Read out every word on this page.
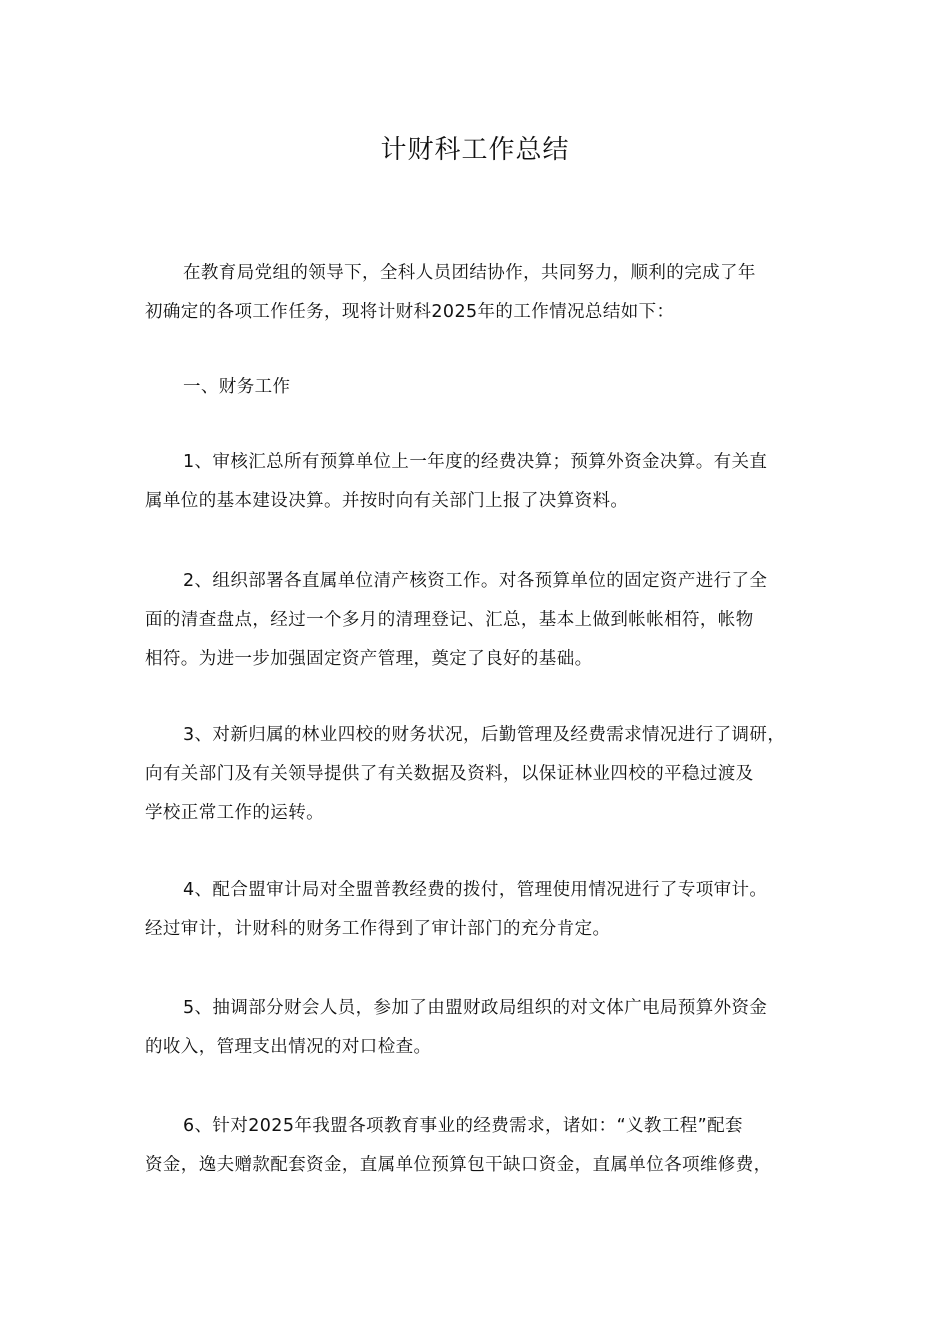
计财科工作总结
在教育局党组的领导下，全科人员团结协作，共同努力，顺利的完成了年
初确定的各项工作任务，现将计财科2025年的工作情况总结如下：
一、财务工作
1、审核汇总所有预算单位上一年度的经费决算；预算外资金决算。有关直
属单位的基本建设决算。并按时向有关部门上报了决算资料。
2、组织部署各直属单位清产核资工作。对各预算单位的固定资产进行了全
面的清查盘点，经过一个多月的清理登记、汇总，基本上做到帐帐相符，帐物
相符。为进一步加强固定资产管理，奠定了良好的基础。
3、对新归属的林业四校的财务状况，后勤管理及经费需求情况进行了调研，
向有关部门及有关领导提供了有关数据及资料，以保证林业四校的平稳过渡及
学校正常工作的运转。
4、配合盟审计局对全盟普教经费的拨付，管理使用情况进行了专项审计。
经过审计，计财科的财务工作得到了审计部门的充分肯定。
5、抽调部分财会人员，参加了由盟财政局组织的对文体广电局预算外资金
的收入，管理支出情况的对口检查。
6、针对2025年我盟各项教育事业的经费需求，诸如：“义教工程”配套
资金，逸夫赠款配套资金，直属单位预算包干缺口资金，直属单位各项维修费，
